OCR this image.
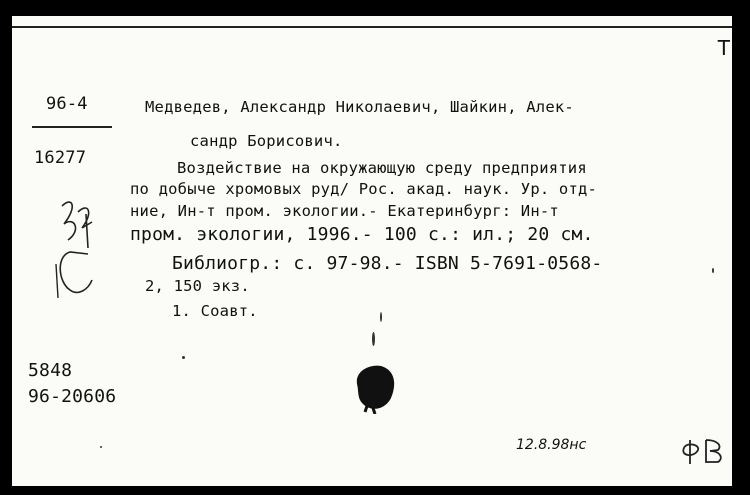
Т
96-4
16277
Медведев, Александр Николаевич, Шайкин, Алек-
сандр Борисович.
Воздействие на окружающую среду предприятия
по добыче хромовых руд/ Рос. акад. наук. Ур. отд-
ние, Ин-т пром. экологии.- Екатеринбург: Ин-т
пром. экологии, 1996.- 100 с.: ил.; 20 см.
Библиогр.: с. 97-98.- ISBN 5-7691-0568-
2, 150 экз.
1. Соавт.
5848
96-20606
12.8.98нс
